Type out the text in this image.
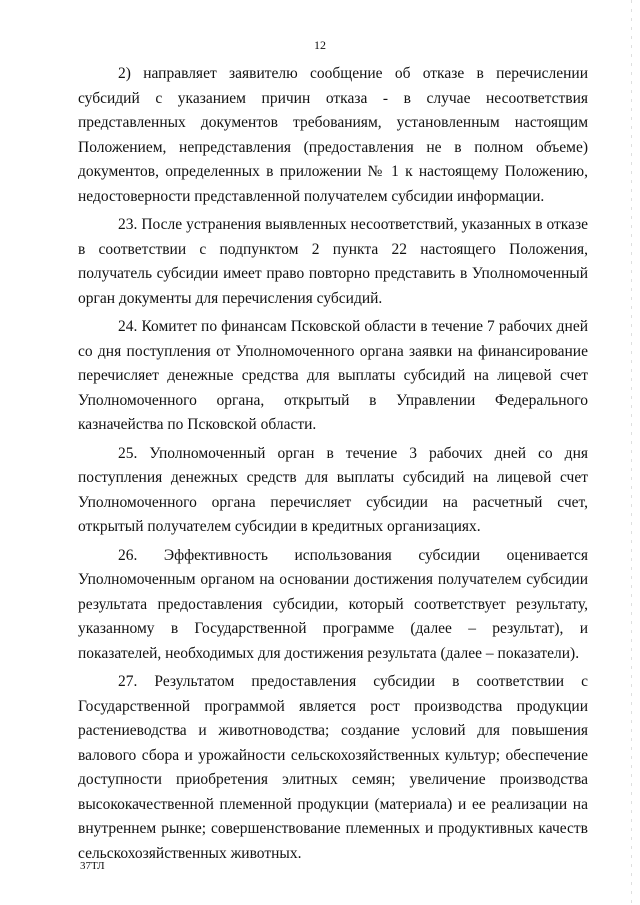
12

2) направляет заявителю сообщение об отказе в перечислении субсидий с указанием причин отказа - в случае несоответствия представленных документов требованиям, установленным настоящим Положением, непредставления (предоставления не в полном объеме) документов, определенных в приложении № 1 к настоящему Положению, недостоверности представленной получателем субсидии информации.

23. После устранения выявленных несоответствий, указанных в отказе в соответствии с подпунктом 2 пункта 22 настоящего Положения, получатель субсидии имеет право повторно представить в Уполномоченный орган документы для перечисления субсидий.

24. Комитет по финансам Псковской области в течение 7 рабочих дней со дня поступления от Уполномоченного органа заявки на финансирование перечисляет денежные средства для выплаты субсидий на лицевой счет Уполномоченного органа, открытый в Управлении Федерального казначейства по Псковской области.

25. Уполномоченный орган в течение 3 рабочих дней со дня поступления денежных средств для выплаты субсидий на лицевой счет Уполномоченного органа перечисляет субсидии на расчетный счет, открытый получателем субсидии в кредитных организациях.

26. Эффективность использования субсидии оценивается Уполномоченным органом на основании достижения получателем субсидии результата предоставления субсидии, который соответствует результату, указанному в Государственной программе (далее – результат), и показателей, необходимых для достижения результата (далее – показатели).

27. Результатом предоставления субсидии в соответствии с Государственной программой является рост производства продукции растениеводства и животноводства; создание условий для повышения валового сбора и урожайности сельскохозяйственных культур; обеспечение доступности приобретения элитных семян; увеличение производства высококачественной племенной продукции (материала) и ее реализации на внутреннем рынке; совершенствование племенных и продуктивных качеств сельскохозяйственных животных.

37ТЛ
